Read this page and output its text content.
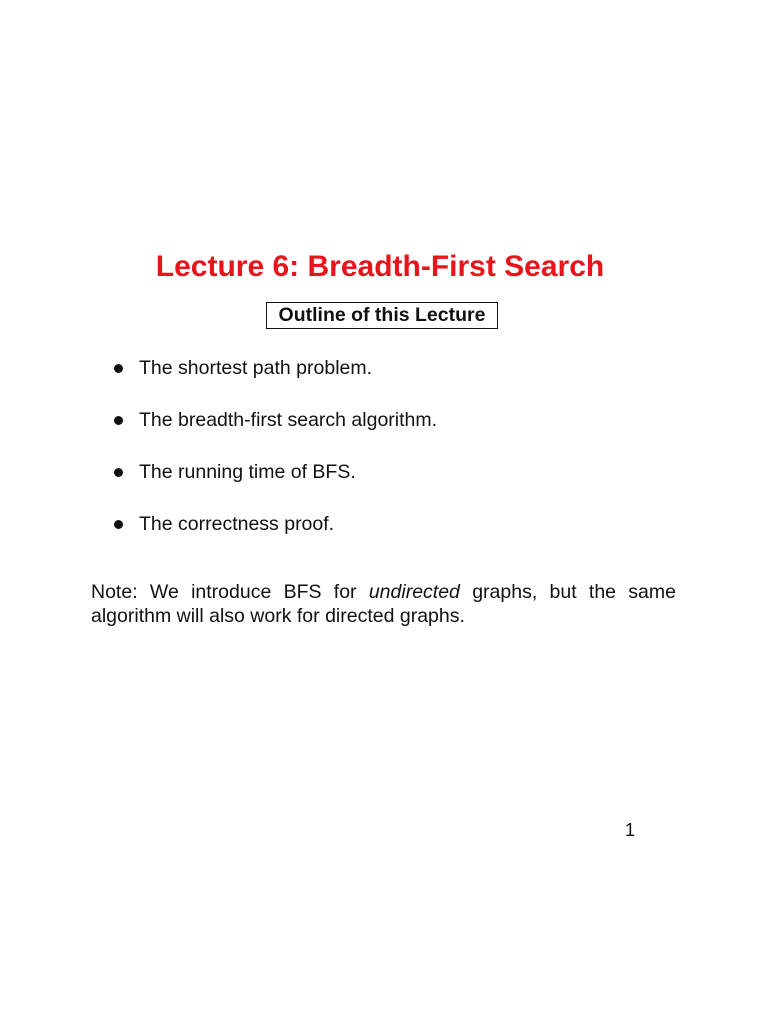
Lecture 6: Breadth-First Search
Outline of this Lecture
The shortest path problem.
The breadth-first search algorithm.
The running time of BFS.
The correctness proof.
Note: We introduce BFS for undirected graphs, but the same
algorithm will also work for directed graphs.
1
